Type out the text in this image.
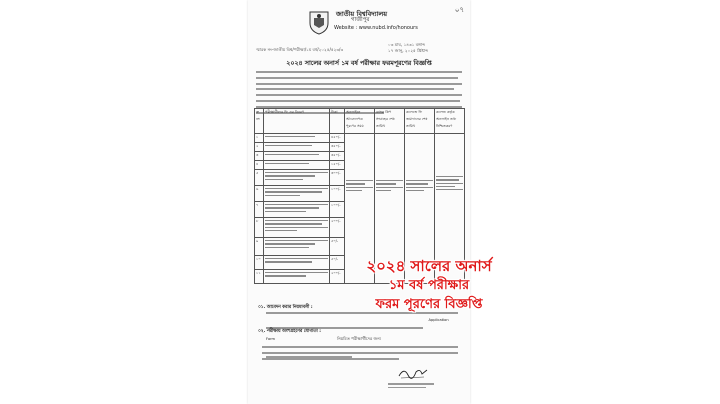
০৭
জাতীয় বিশ্ববিদ্যালয়
গাজীপুর
Website : www.nubd.info/honours
স্মারক নং-জাতীয় বিশ্ব/পরীক্ষা/১ম বর্ষ/২০২৫/৫২৩/৩
০৩ মাঘ, ১৪৩১ বঙ্গাব্দ
১৭ জানু, ২০২৫ খ্রিষ্টাব্দ
২০২৪ সালের অনার্স ১ম বর্ষ পরীক্ষার ফরমপূরণের বিজ্ঞপ্তি
ক্র নং	পরীক্ষার্থীদের ফি এর বিবরণ	টাকা	অনলাইনে আবেদনপত্র পূরণের সময়	ব্যাংক স্লিপ সংগ্রহের শেষ তারিখ	কলেজে ফি জমাদানের শেষ তারিখ	কলেজ কর্তৃক অনলাইন তথ্য নিশ্চিতকরণ
১		৪৫০/-	

২		৩৫০/-				
৩		৩৫০/-				
৪		১৫০/-				
৫		৩০০/-				
৬		১০০/-				
৭		১০০/-				
৮		২০০/-				
৯		৫০/-				
১০		৫০/-				
১১		২০০/-				
০১. আবেদন করার নিয়মাবলী :
$^{Application Form}$
০২. পরীক্ষায় অংশগ্রহণের যোগ্যতা :
নিয়মিত পরীক্ষার্থীদের জন্য
২০২৪ সালের অনার্স
১ম বর্ষ পরীক্ষার
ফরম পূরণের বিজ্ঞপ্তি
